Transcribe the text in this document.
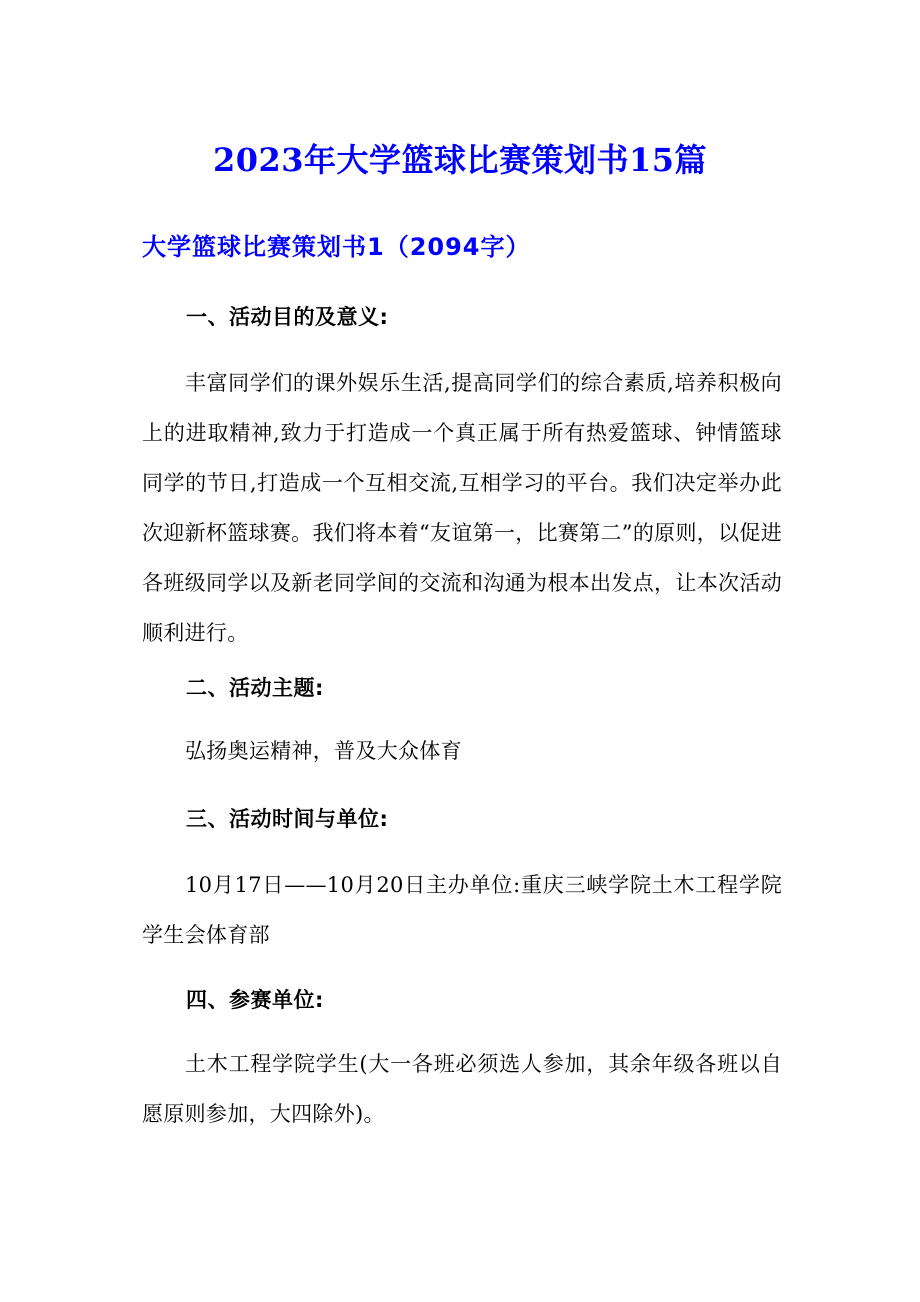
2023年大学篮球比赛策划书15篇
大学篮球比赛策划书1（2094字）
一、活动目的及意义:
丰富同学们的课外娱乐生活,提高同学们的综合素质,培养积极向上的进取精神,致力于打造成一个真正属于所有热爱篮球、钟情篮球同学的节日,打造成一个互相交流,互相学习的平台。我们决定举办此次迎新杯篮球赛。我们将本着“友谊第一，比赛第二”的原则，以促进各班级同学以及新老同学间的交流和沟通为根本出发点，让本次活动顺利进行。
二、活动主题:
弘扬奥运精神，普及大众体育
三、活动时间与单位:
10月17日——10月20日主办单位:重庆三峡学院土木工程学院学生会体育部
四、参赛单位:
土木工程学院学生(大一各班必须选人参加，其余年级各班以自愿原则参加，大四除外)。
